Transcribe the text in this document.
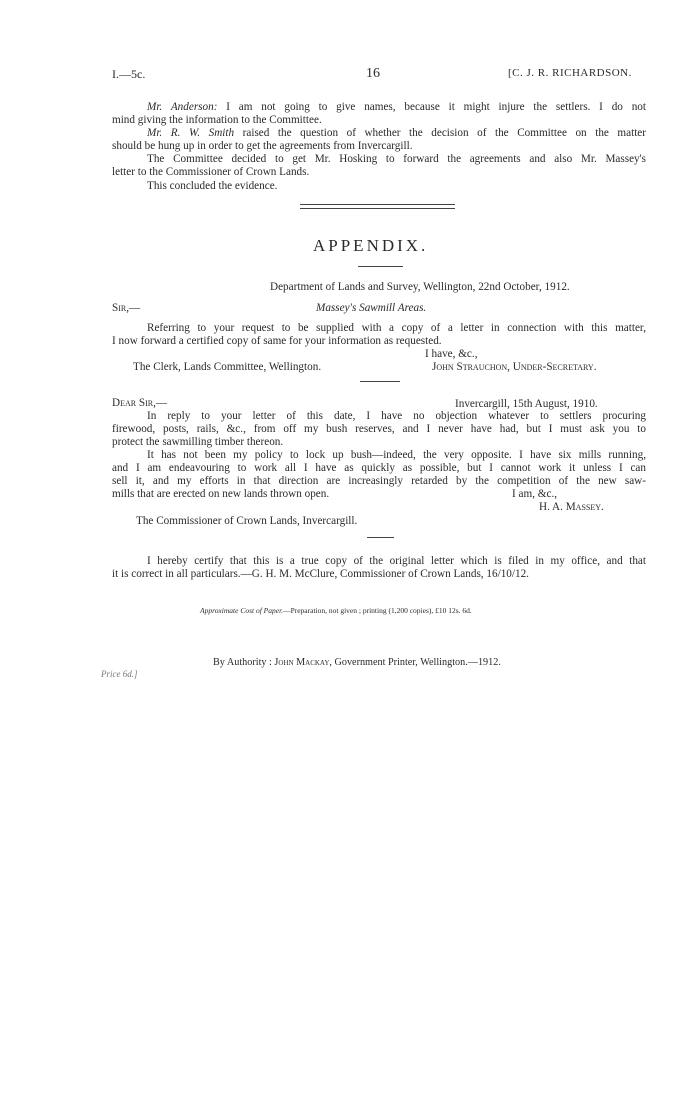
I.—5c.	16	[C. J. R. RICHARDSON.
Mr. Anderson: I am not going to give names, because it might injure the settlers. I do not
mind giving the information to the Committee.
Mr. R. W. Smith raised the question of whether the decision of the Committee on the matter
should be hung up in order to get the agreements from Invercargill.
The Committee decided to get Mr. Hosking to forward the agreements and also Mr. Massey's
letter to the Commissioner of Crown Lands.
This concluded the evidence.
APPENDIX.
Department of Lands and Survey, Wellington, 22nd October, 1912.
Sir,—	Massey's Sawmill Areas.
Referring to your request to be supplied with a copy of a letter in connection with this matter,
I now forward a certified copy of same for your information as requested.
I have, &c.,
The Clerk, Lands Committee, Wellington.	John Strauchon, Under-Secretary.
Dear Sir,—	Invercargill, 15th August, 1910.
In reply to your letter of this date, I have no objection whatever to settlers procuring
firewood, posts, rails, &c., from off my bush reserves, and I never have had, but I must ask you to
protect the sawmilling timber thereon.
It has not been my policy to lock up bush—indeed, the very opposite. I have six mills running,
and I am endeavouring to work all I have as quickly as possible, but I cannot work it unless I can
sell it, and my efforts in that direction are increasingly retarded by the competition of the new saw-
mills that are erected on new lands thrown open.	I am, &c.,
H. A. Massey.
The Commissioner of Crown Lands, Invercargill.
I hereby certify that this is a true copy of the original letter which is filed in my office, and that
it is correct in all particulars.—G. H. M. McClure, Commissioner of Crown Lands, 16/10/12.
Approximate Cost of Paper.—Preparation, not given ; printing (1,200 copies), £10 12s. 6d.
Price 6d.]
By Authority : John Mackay, Government Printer, Wellington.—1912.
